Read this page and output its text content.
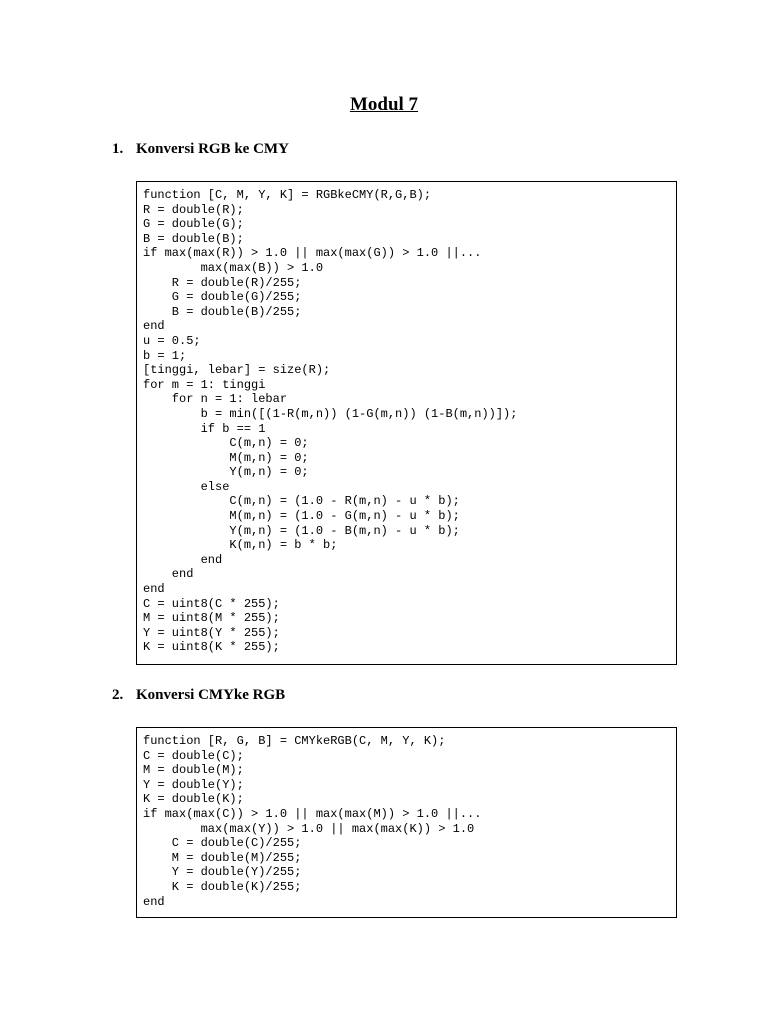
Modul 7
1. Konversi RGB ke CMY
function [C, M, Y, K] = RGBkeCMY(R,G,B);
R = double(R);
G = double(G);
B = double(B);
if max(max(R)) > 1.0 || max(max(G)) > 1.0 ||...
max(max(B)) > 1.0
R = double(R)/255;
G = double(G)/255;
B = double(B)/255;
end
u = 0.5;
b = 1;
[tinggi, lebar] = size(R);
for m = 1: tinggi
for n = 1: lebar
b = min([(1-R(m,n)) (1-G(m,n)) (1-B(m,n))]);
if b == 1
C(m,n) = 0;
M(m,n) = 0;
Y(m,n) = 0;
else
C(m,n) = (1.0 - R(m,n) - u * b);
M(m,n) = (1.0 - G(m,n) - u * b);
Y(m,n) = (1.0 - B(m,n) - u * b);
K(m,n) = b * b;
end
end
end
C = uint8(C * 255);
M = uint8(M * 255);
Y = uint8(Y * 255);
K = uint8(K * 255);
2. Konversi CMYke RGB
function [R, G, B] = CMYkeRGB(C, M, Y, K);
C = double(C);
M = double(M);
Y = double(Y);
K = double(K);
if max(max(C)) > 1.0 || max(max(M)) > 1.0 ||...
max(max(Y)) > 1.0 || max(max(K)) > 1.0
C = double(C)/255;
M = double(M)/255;
Y = double(Y)/255;
K = double(K)/255;
end
